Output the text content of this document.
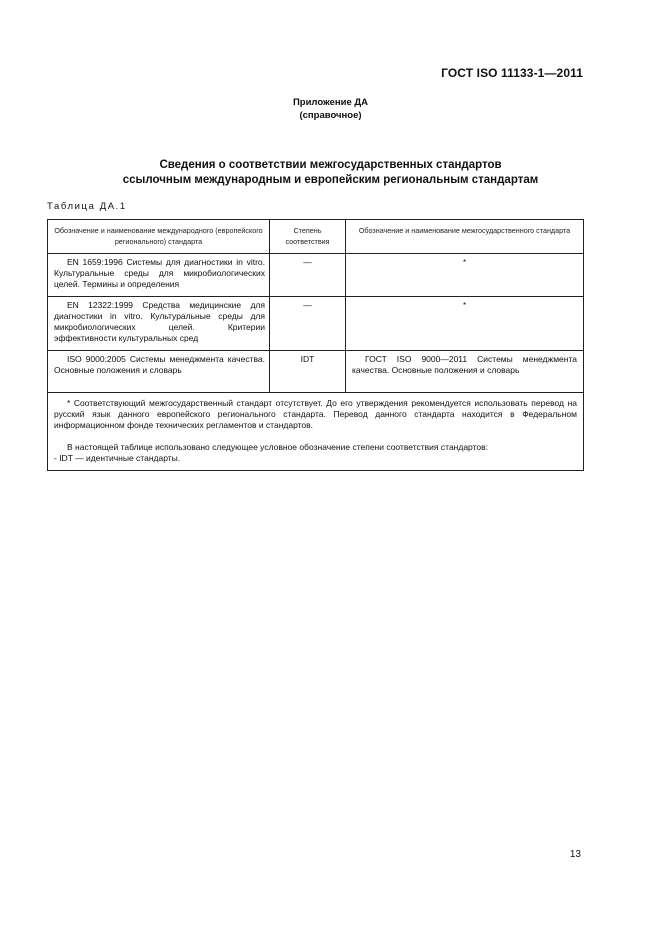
ГОСТ ISO 11133-1—2011
Приложение ДА
(справочное)
Сведения о соответствии межгосударственных стандартов
ссылочным международным и европейским региональным стандартам
Таблица ДА.1
Обозначение и наименование международного (европейского регионального) стандарта	Степень соответствия	Обозначение и наименование межгосударственного стандарта
EN 1659:1996 Системы для диагностики in vitro. Культуральные среды для микробиологических целей. Термины и определения	—	*
EN 12322:1999 Средства медицинские для диагностики in vitro. Культуральные среды для микробиологических целей. Критерии эффективности культуральных сред	—	*
ISO 9000:2005 Системы менеджмента качества. Основные положения и словарь	IDT	ГОСТ ISO 9000—2011 Системы менеджмента качества. Основные положения и словарь

* Соответствующий межгосударственный стандарт отсутствует. До его утверждения рекомендуется использовать перевод на русский язык данного европейского регионального стандарта. Перевод данного стандарта находится в Федеральном информационном фонде технических регламентов и стандартов.

В настоящей таблице использовано следующее условное обозначение степени соответствия стандартов:

- IDT — идентичные стандарты.		

13
